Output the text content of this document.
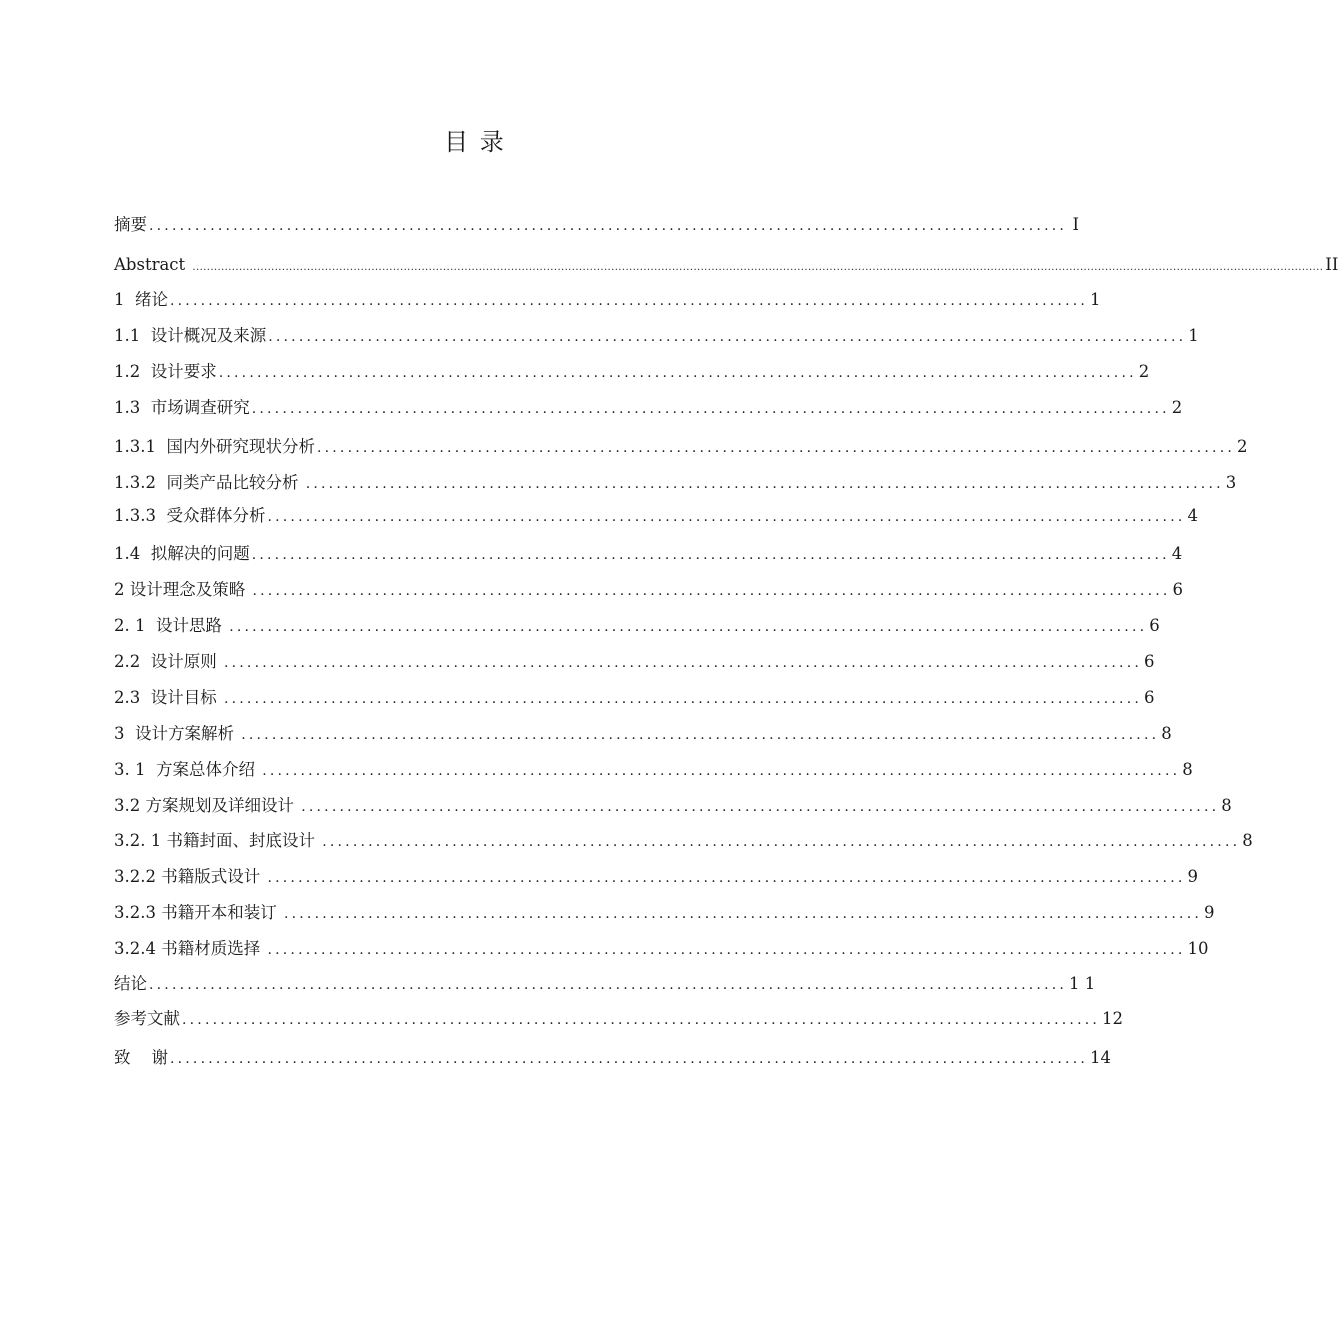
目 录
摘要 ........................................................................................................................ I
Abstract ............................................................................................................................................................................................................................................................................................................................ II
1  绪论 ........................................................................................................................ 1
1.1  设计概况及来源 ........................................................................................................................ 1
1.2  设计要求 ........................................................................................................................ 2
1.3  市场调查研究 ........................................................................................................................ 2
1.3.1  国内外研究现状分析 ........................................................................................................................ 2
1.3.2  同类产品比较分析 ........................................................................................................................ 3
1.3.3  受众群体分析 ........................................................................................................................ 4
1.4  拟解决的问题 ........................................................................................................................ 4
2 设计理念及策略 ........................................................................................................................ 6
2. 1  设计思路 ........................................................................................................................ 6
2.2  设计原则 ........................................................................................................................ 6
2.3  设计目标 ........................................................................................................................ 6
3  设计方案解析 ........................................................................................................................ 8
3. 1  方案总体介绍 ........................................................................................................................ 8
3.2 方案规划及详细设计 ........................................................................................................................ 8
3.2. 1 书籍封面、封底设计 ........................................................................................................................ 8
3.2.2 书籍版式设计 ........................................................................................................................ 9
3.2.3 书籍开本和装订 ........................................................................................................................ 9
3.2.4 书籍材质选择 ........................................................................................................................ 10
结论 ........................................................................................................................ 1 1
参考文献 ........................................................................................................................ 12
致    谢 ........................................................................................................................ 14
